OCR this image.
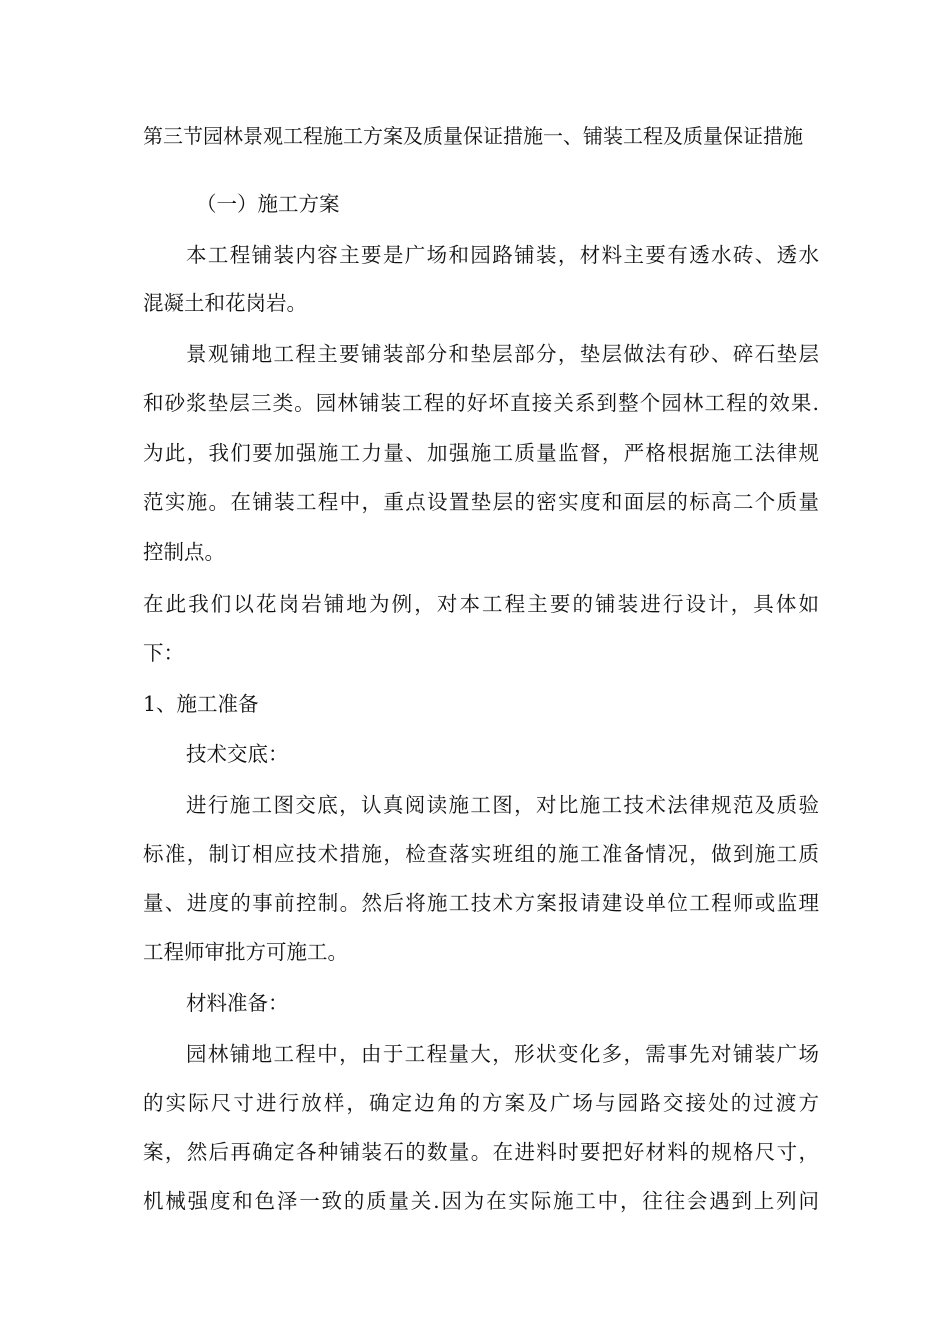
第三节园林景观工程施工方案及质量保证措施一、铺装工程及质量保证措施
（一）施工方案
本工程铺装内容主要是广场和园路铺装，材料主要有透水砖、透水
混凝土和花岗岩。
景观铺地工程主要铺装部分和垫层部分，垫层做法有砂、碎石垫层
和砂浆垫层三类。园林铺装工程的好坏直接关系到整个园林工程的效果.
为此，我们要加强施工力量、加强施工质量监督，严格根据施工法律规
范实施。在铺装工程中，重点设置垫层的密实度和面层的标高二个质量
控制点。
在此我们以花岗岩铺地为例，对本工程主要的铺装进行设计，具体如
下：
1、施工准备
技术交底：
进行施工图交底，认真阅读施工图，对比施工技术法律规范及质验
标准，制订相应技术措施，检查落实班组的施工准备情况，做到施工质
量、进度的事前控制。然后将施工技术方案报请建设单位工程师或监理
工程师审批方可施工。
材料准备：
园林铺地工程中，由于工程量大，形状变化多，需事先对铺装广场
的实际尺寸进行放样，确定边角的方案及广场与园路交接处的过渡方
案，然后再确定各种铺装石的数量。在进料时要把好材料的规格尺寸，
机械强度和色泽一致的质量关.因为在实际施工中，往往会遇到上列问
